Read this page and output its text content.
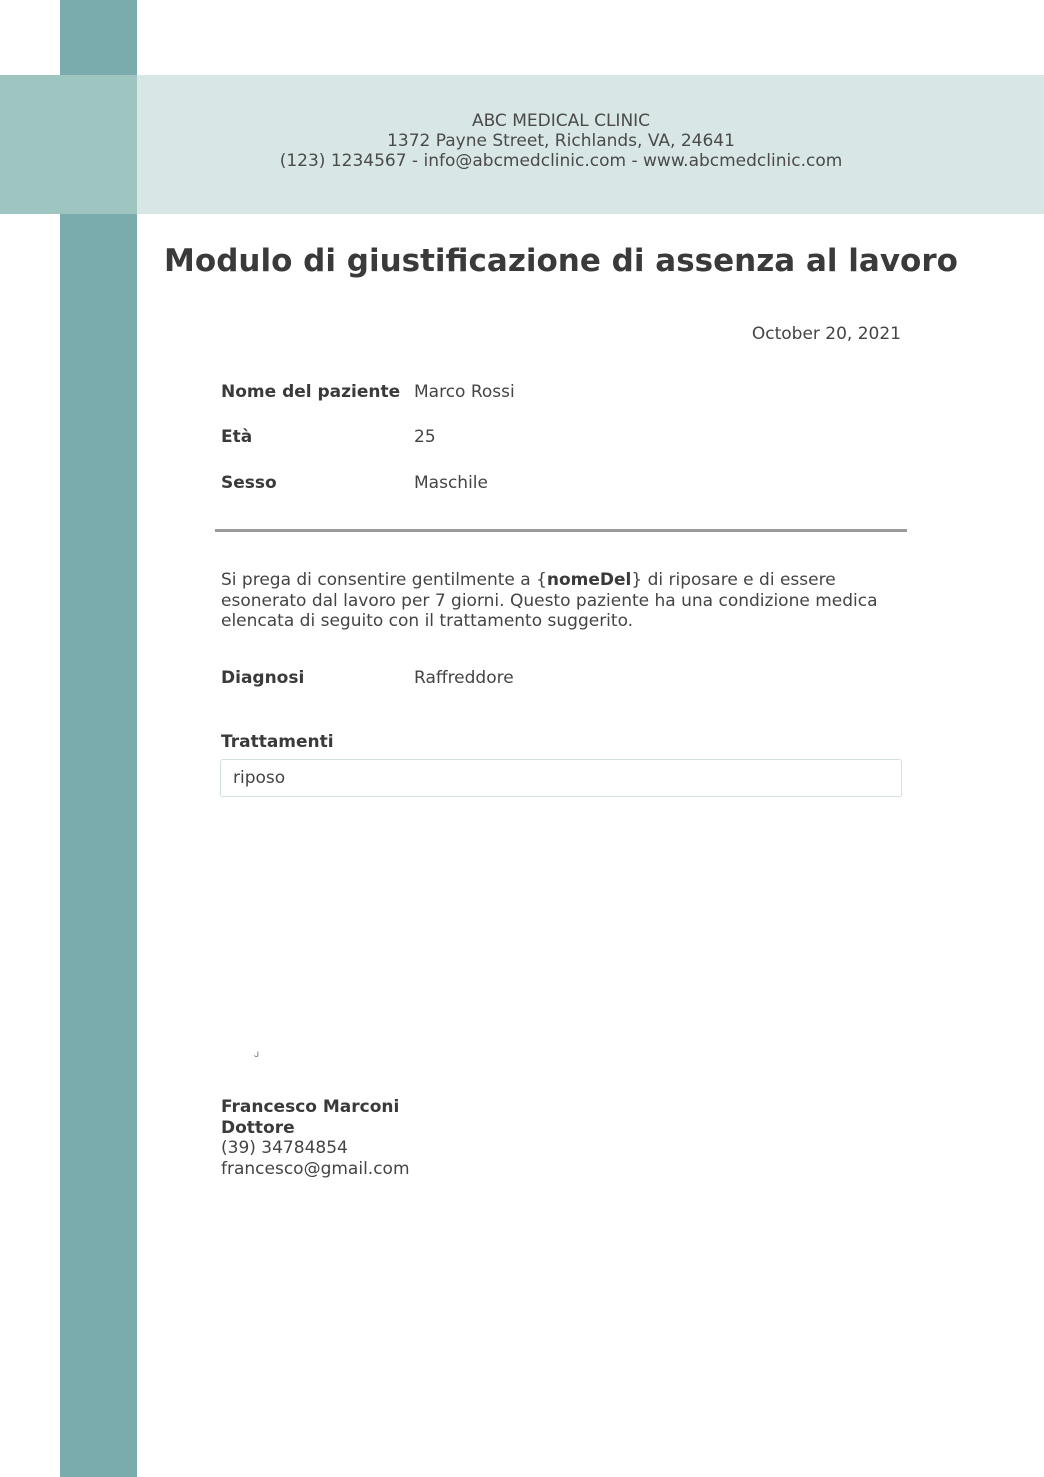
ABC MEDICAL CLINIC
1372 Payne Street, Richlands, VA, 24641
(123) 1234567 - info@abcmedclinic.com - www.abcmedclinic.com
Modulo di giustificazione di assenza al lavoro
October 20, 2021
Nome del paziente Marco Rossi
Età	25
Sesso	Maschile
Si prega di consentire gentilmente a {nomeDel} di riposare e di essere esonerato dal lavoro per 7 giorni. Questo paziente ha una condizione medica elencata di seguito con il trattamento suggerito.
Diagnosi	Raffreddore
Trattamenti
riposo
ᒍ
Francesco Marconi
Dottore
(39) 34784854
francesco@gmail.com
